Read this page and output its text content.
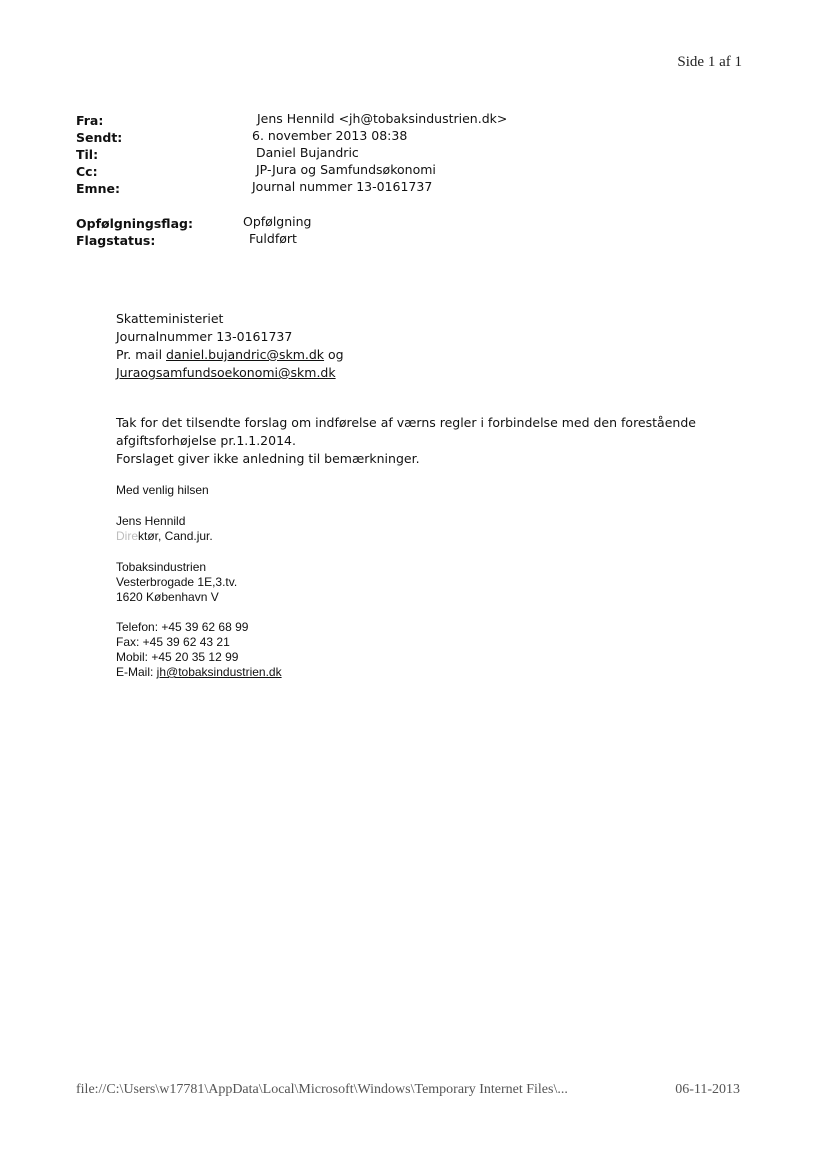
Side 1 af 1
Fra:	Jens Hennild <jh@tobaksindustrien.dk>
Sendt:	6. november 2013 08:38
Til:	Daniel Bujandric
Cc:	JP-Jura og Samfundsøkonomi
Emne:	Journal nummer 13-0161737
Opfølgningsflag:	Opfølgning
Flagstatus:	Fuldført
Skatteministeriet
Journalnummer 13-0161737
Pr. mail daniel.bujandric@skm.dk og
Juraogsamfundsoekonomi@skm.dk
Tak for det tilsendte forslag om indførelse af værns regler i forbindelse med den forestående
afgiftsforhøjelse pr.1.1.2014.
Forslaget giver ikke anledning til bemærkninger.
Med venlig hilsen
Jens Hennild
Direktør, Cand.jur.
Tobaksindustrien
Vesterbrogade 1E,3.tv.
1620 København V
Telefon: +45 39 62 68 99
Fax: +45 39 62 43 21
Mobil: +45 20 35 12 99
E-Mail: jh@tobaksindustrien.dk
file://C:\Users\w17781\AppData\Local\Microsoft\Windows\Temporary Internet Files\...	06-11-2013
